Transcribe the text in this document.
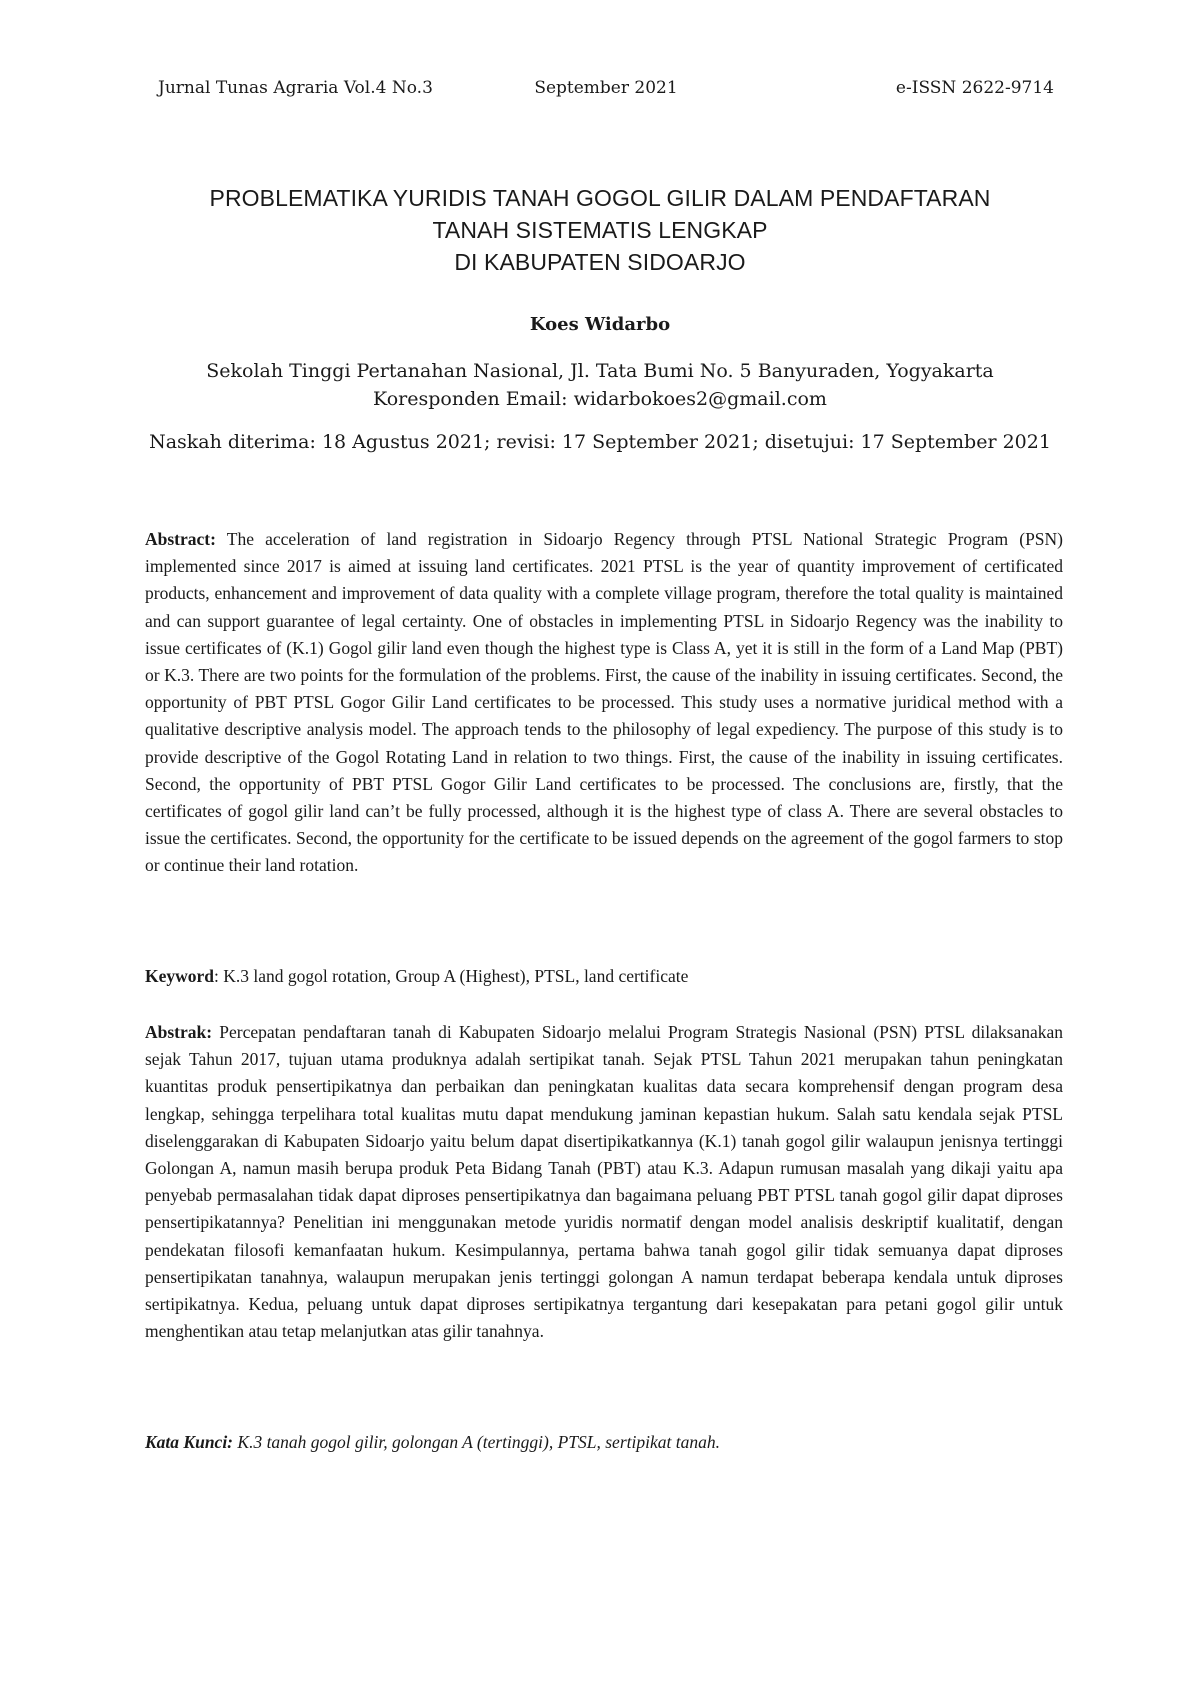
Jurnal Tunas Agraria Vol.4 No.3	September 2021	e-ISSN 2622-9714
PROBLEMATIKA YURIDIS TANAH GOGOL GILIR DALAM PENDAFTARAN
TANAH SISTEMATIS LENGKAP
DI KABUPATEN SIDOARJO
Koes Widarbo
Sekolah Tinggi Pertanahan Nasional, Jl. Tata Bumi No. 5 Banyuraden, Yogyakarta
Koresponden Email: widarbokoes2@gmail.com
Naskah diterima: 18 Agustus 2021; revisi: 17 September 2021; disetujui: 17 September 2021
Abstract: The acceleration of land registration in Sidoarjo Regency through PTSL National Strategic Program (PSN) implemented since 2017 is aimed at issuing land certificates. 2021 PTSL is the year of quantity improvement of certificated products, enhancement and improvement of data quality with a complete village program, therefore the total quality is maintained and can support guarantee of legal certainty. One of obstacles in implementing PTSL in Sidoarjo Regency was the inability to issue certificates of (K.1) Gogol gilir land even though the highest type is Class A, yet it is still in the form of a Land Map (PBT) or K.3. There are two points for the formulation of the problems. First, the cause of the inability in issuing certificates. Second, the opportunity of PBT PTSL Gogor Gilir Land certificates to be processed. This study uses a normative juridical method with a qualitative descriptive analysis model. The approach tends to the philosophy of legal expediency. The purpose of this study is to provide descriptive of the Gogol Rotating Land in relation to two things. First, the cause of the inability in issuing certificates. Second, the opportunity of PBT PTSL Gogor Gilir Land certificates to be processed. The conclusions are, firstly, that the certificates of gogol gilir land can’t be fully processed, although it is the highest type of class A. There are several obstacles to issue the certificates. Second, the opportunity for the certificate to be issued depends on the agreement of the gogol farmers to stop or continue their land rotation.
Keyword: K.3 land gogol rotation, Group A (Highest), PTSL, land certificate
Abstrak: Percepatan pendaftaran tanah di Kabupaten Sidoarjo melalui Program Strategis Nasional (PSN) PTSL dilaksanakan sejak Tahun 2017, tujuan utama produknya adalah sertipikat tanah. Sejak PTSL Tahun 2021 merupakan tahun peningkatan kuantitas produk pensertipikatnya dan perbaikan dan peningkatan kualitas data secara komprehensif dengan program desa lengkap, sehingga terpelihara total kualitas mutu dapat mendukung jaminan kepastian hukum. Salah satu kendala sejak PTSL diselenggarakan di Kabupaten Sidoarjo yaitu belum dapat disertipikatkannya (K.1) tanah gogol gilir walaupun jenisnya tertinggi Golongan A, namun masih berupa produk Peta Bidang Tanah (PBT) atau K.3. Adapun rumusan masalah yang dikaji yaitu apa penyebab permasalahan tidak dapat diproses pensertipikatnya dan bagaimana peluang PBT PTSL tanah gogol gilir dapat diproses pensertipikatannya? Penelitian ini menggunakan metode yuridis normatif dengan model analisis deskriptif kualitatif, dengan pendekatan filosofi kemanfaatan hukum. Kesimpulannya, pertama bahwa tanah gogol gilir tidak semuanya dapat diproses pensertipikatan tanahnya, walaupun merupakan jenis tertinggi golongan A namun terdapat beberapa kendala untuk diproses sertipikatnya. Kedua, peluang untuk dapat diproses sertipikatnya tergantung dari kesepakatan para petani gogol gilir untuk menghentikan atau tetap melanjutkan atas gilir tanahnya.
Kata Kunci: K.3 tanah gogol gilir, golongan A (tertinggi), PTSL, sertipikat tanah.
